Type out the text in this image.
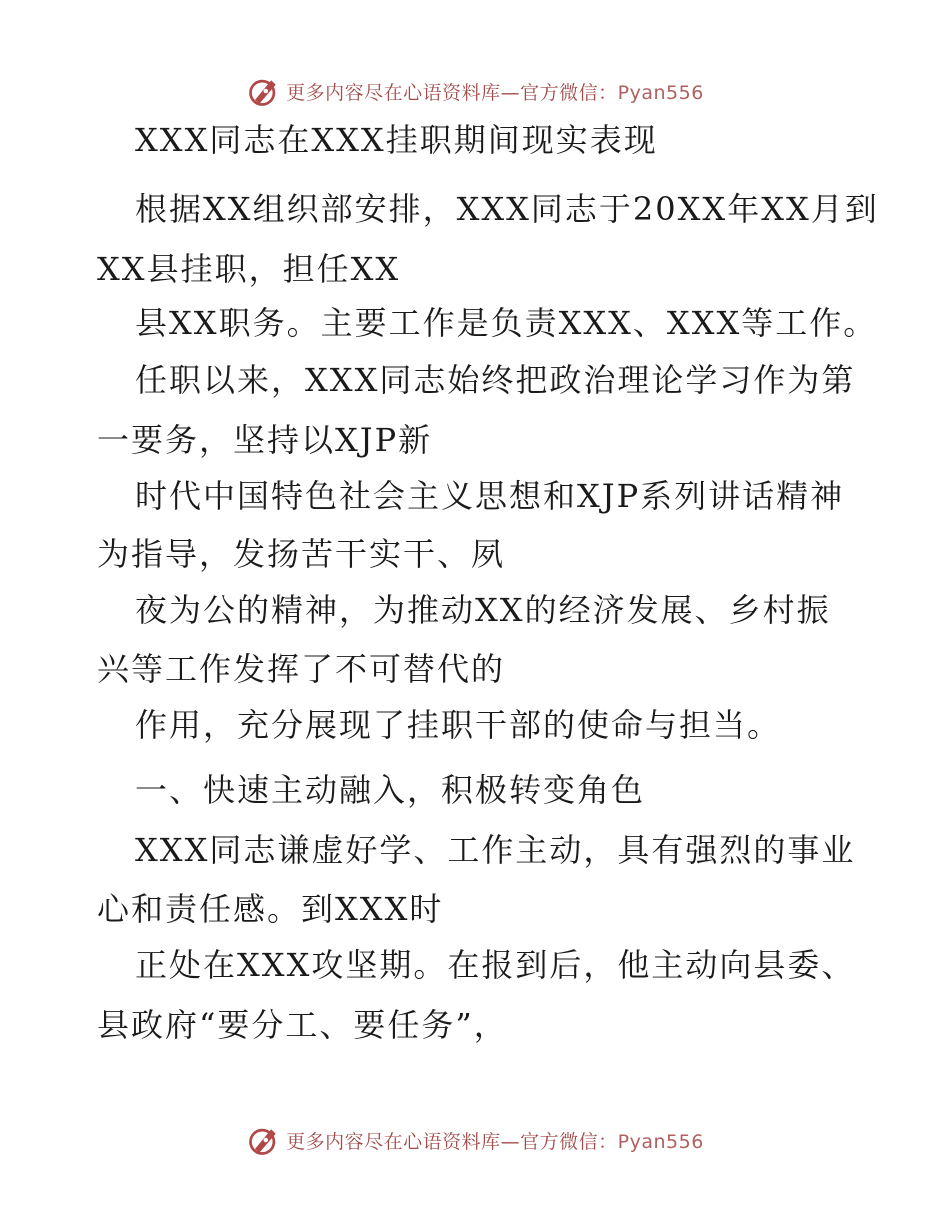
更多内容尽在心语资料库—官方微信：Pyan556
XXX同志在XXX挂职期间现实表现
根据XX组织部安排，XXX同志于20XX年XX月到
XX县挂职，担任XX
县XX职务。主要工作是负责XXX、XXX等工作。
任职以来，XXX同志始终把政治理论学习作为第
一要务，坚持以XJP新
时代中国特色社会主义思想和XJP系列讲话精神
为指导，发扬苦干实干、夙
夜为公的精神，为推动XX的经济发展、乡村振
兴等工作发挥了不可替代的
作用，充分展现了挂职干部的使命与担当。
一、快速主动融入，积极转变角色
XXX同志谦虚好学、工作主动，具有强烈的事业
心和责任感。到XXX时
正处在XXX攻坚期。在报到后，他主动向县委、
县政府“要分工、要任务”，
更多内容尽在心语资料库—官方微信：Pyan556
